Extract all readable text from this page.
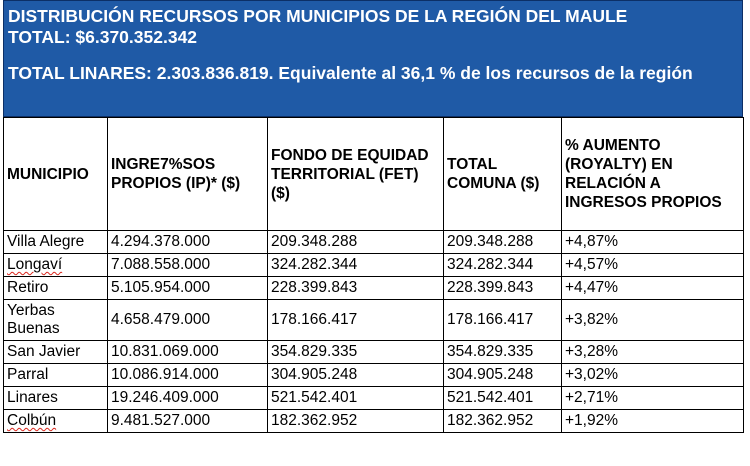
DISTRIBUCIÓN RECURSOS POR MUNICIPIOS DE LA REGIÓN DEL MAULE
TOTAL: $6.370.352.342
TOTAL LINARES: 2.303.836.819. Equivalente al 36,1 % de los recursos de la región
MUNICIPIO	INGRE7%SOS PROPIOS (IP)* ($)	FONDO DE EQUIDAD TERRITORIAL (FET) ($)	TOTAL COMUNA ($)	% AUMENTO (ROYALTY) EN RELACIÓN A INGRESOS PROPIOS
Villa Alegre	4.294.378.000	209.348.288	209.348.288	+4,87%
Longaví	7.088.558.000	324.282.344	324.282.344	+4,57%
Retiro	5.105.954.000	228.399.843	228.399.843	+4,47%
Yerbas Buenas	4.658.479.000	178.166.417	178.166.417	+3,82%
San Javier	10.831.069.000	354.829.335	354.829.335	+3,28%
Parral	10.086.914.000	304.905.248	304.905.248	+3,02%
Linares	19.246.409.000	521.542.401	521.542.401	+2,71%
Colbún	9.481.527.000	182.362.952	182.362.952	+1,92%
